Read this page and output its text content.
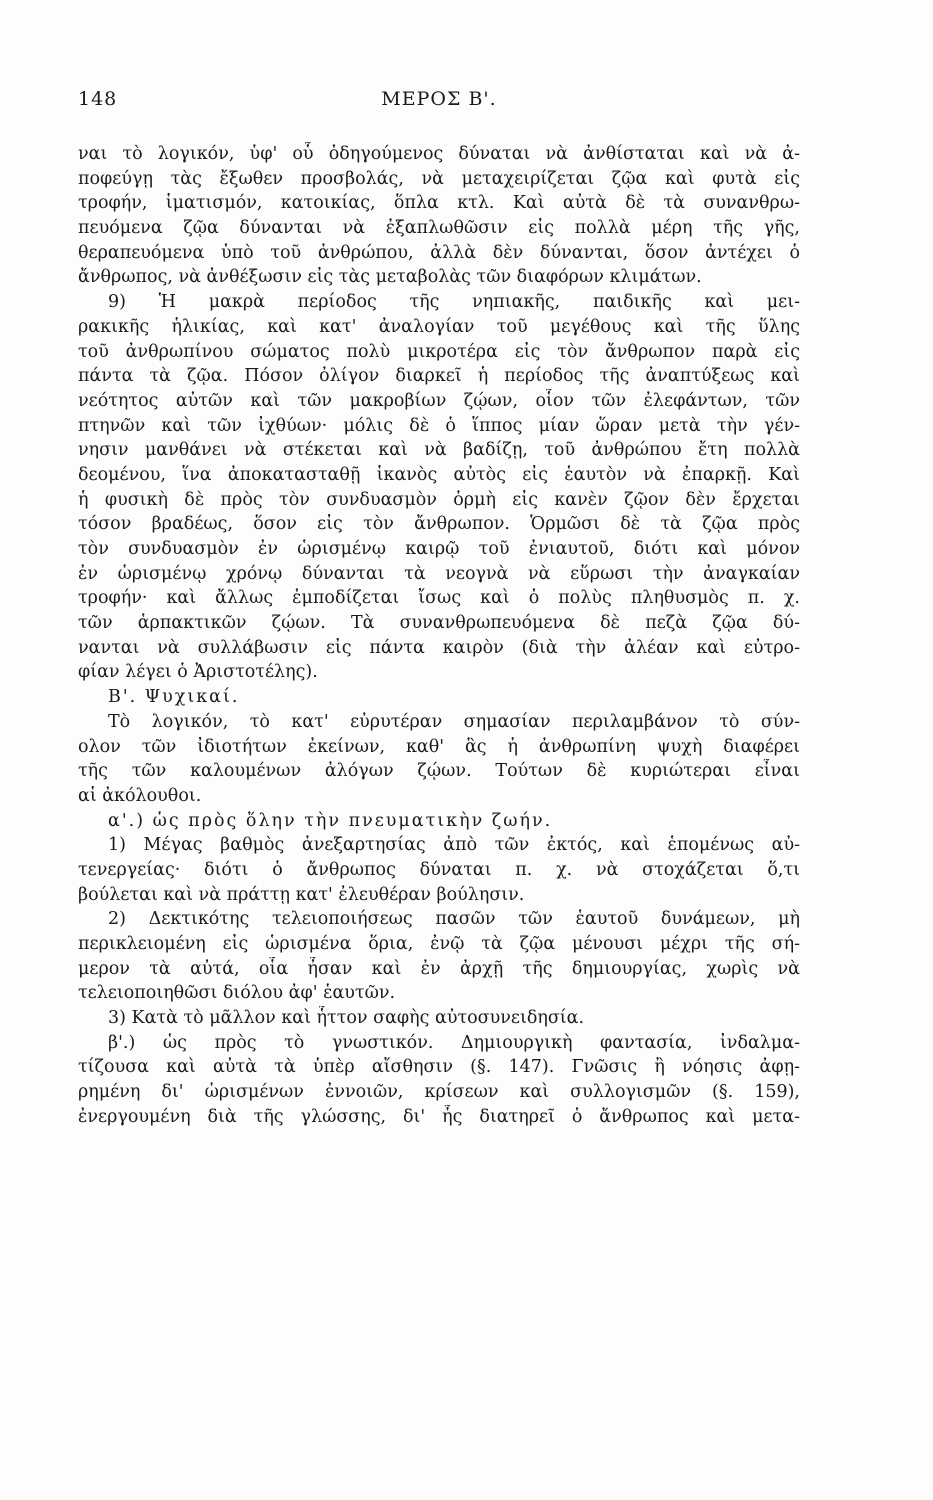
148	ΜΕΡΟΣ Β'.
ναι τὸ λογικόν, ὑφ' οὗ ὁδηγούμενος δύναται νὰ ἀνθίσταται καὶ νὰ ἀ-
ποφεύγῃ τὰς ἔξωθεν προσβολάς, νὰ μεταχειρίζεται ζῷα καὶ φυτὰ εἰς
τροφήν, ἱματισμόν, κατοικίας, ὅπλα κτλ. Καὶ αὐτὰ δὲ τὰ συνανθρω-
πευόμενα ζῷα δύνανται νὰ ἐξαπλωθῶσιν εἰς πολλὰ μέρη τῆς γῆς,
θεραπευόμενα ὑπὸ τοῦ ἀνθρώπου, ἀλλὰ δὲν δύνανται, ὅσον ἀντέχει ὁ
ἄνθρωπος, νὰ ἀνθέξωσιν εἰς τὰς μεταβολὰς τῶν διαφόρων κλιμάτων.
9) Ἡ μακρὰ περίοδος τῆς νηπιακῆς, παιδικῆς καὶ μει-
ρακικῆς ἡλικίας, καὶ κατ' ἀναλογίαν τοῦ μεγέθους καὶ τῆς ὕλης
τοῦ ἀνθρωπίνου σώματος πολὺ μικροτέρα εἰς τὸν ἄνθρωπον παρὰ εἰς
πάντα τὰ ζῷα. Πόσον ὀλίγον διαρκεῖ ἡ περίοδος τῆς ἀναπτύξεως καὶ
νεότητος αὐτῶν καὶ τῶν μακροβίων ζῴων, οἷον τῶν ἐλεφάντων, τῶν
πτηνῶν καὶ τῶν ἰχθύων· μόλις δὲ ὁ ἵππος μίαν ὥραν μετὰ τὴν γέν-
νησιν μανθάνει νὰ στέκεται καὶ νὰ βαδίζῃ, τοῦ ἀνθρώπου ἔτη πολλὰ
δεομένου, ἵνα ἀποκατασταθῇ ἱκανὸς αὐτὸς εἰς ἑαυτὸν νὰ ἐπαρκῇ. Καὶ
ἡ φυσικὴ δὲ πρὸς τὸν συνδυασμὸν ὁρμὴ εἰς κανὲν ζῷον δὲν ἔρχεται
τόσον βραδέως, ὅσον εἰς τὸν ἄνθρωπον. Ὁρμῶσι δὲ τὰ ζῷα πρὸς
τὸν συνδυασμὸν ἐν ὡρισμένῳ καιρῷ τοῦ ἐνιαυτοῦ, διότι καὶ μόνον
ἐν ὡρισμένῳ χρόνῳ δύνανται τὰ νεογνὰ νὰ εὕρωσι τὴν ἀναγκαίαν
τροφήν· καὶ ἄλλως ἐμποδίζεται ἴσως καὶ ὁ πολὺς πληθυσμὸς π. χ.
τῶν ἁρπακτικῶν ζῴων. Τὰ συνανθρωπευόμενα δὲ πεζὰ ζῷα δύ-
νανται νὰ συλλάβωσιν εἰς πάντα καιρὸν (διὰ τὴν ἀλέαν καὶ εὐτρο-
φίαν λέγει ὁ Ἀριστοτέλης).
Β'. Ψυχικαί.
Τὸ λογικόν, τὸ κατ' εὐρυτέραν σημασίαν περιλαμβάνον τὸ σύν-
ολον τῶν ἰδιοτήτων ἐκείνων, καθ' ἃς ἡ ἀνθρωπίνη ψυχὴ διαφέρει
τῆς τῶν καλουμένων ἀλόγων ζῴων. Τούτων δὲ κυριώτεραι εἶναι
αἱ ἀκόλουθοι.
α'.) ὡς πρὸς ὅλην τὴν πνευματικὴν ζωήν.
1) Μέγας βαθμὸς ἀνεξαρτησίας ἀπὸ τῶν ἐκτός, καὶ ἑπομένως αὐ-
τενεργείας· διότι ὁ ἄνθρωπος δύναται π. χ. νὰ στοχάζεται ὅ,τι
βούλεται καὶ νὰ πράττῃ κατ' ἐλευθέραν βούλησιν.
2) Δεκτικότης τελειοποιήσεως πασῶν τῶν ἑαυτοῦ δυνάμεων, μὴ
περικλειομένη εἰς ὡρισμένα ὅρια, ἐνῷ τὰ ζῷα μένουσι μέχρι τῆς σή-
μερον τὰ αὐτά, οἷα ἦσαν καὶ ἐν ἀρχῇ τῆς δημιουργίας, χωρὶς νὰ
τελειοποιηθῶσι διόλου ἀφ' ἑαυτῶν.
3) Κατὰ τὸ μᾶλλον καὶ ἧττον σαφὴς αὐτοσυνειδησία.
β'.) ὡς πρὸς τὸ γνωστικόν. Δημιουργικὴ φαντασία, ἰνδαλμα-
τίζουσα καὶ αὐτὰ τὰ ὑπὲρ αἴσθησιν (§. 147). Γνῶσις ἢ νόησις ἀφῃ-
ρημένη δι' ὡρισμένων ἐννοιῶν, κρίσεων καὶ συλλογισμῶν (§. 159),
ἐνεργουμένη διὰ τῆς γλώσσης, δι' ἧς διατηρεῖ ὁ ἄνθρωπος καὶ μετα-
